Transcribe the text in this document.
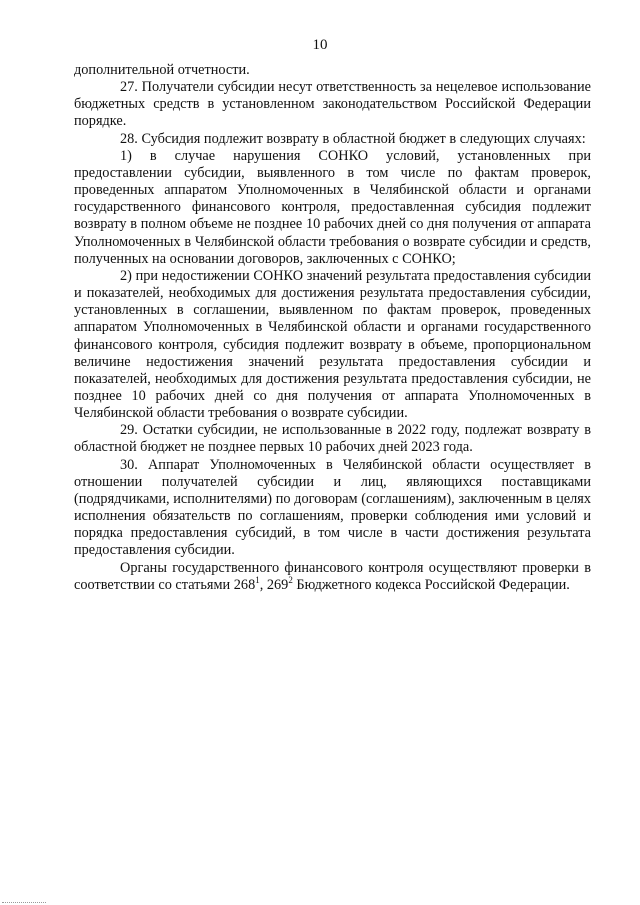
10

дополнительной отчетности.

27. Получатели субсидии несут ответственность за нецелевое использование бюджетных средств в установленном законодательством Российской Федерации порядке.

28. Субсидия подлежит возврату в областной бюджет в следующих случаях:

1) в случае нарушения СОНКО условий, установленных при предоставлении субсидии, выявленного в том числе по фактам проверок, проведенных аппаратом Уполномоченных в Челябинской области и органами государственного финансового контроля, предоставленная субсидия подлежит возврату в полном объеме не позднее 10 рабочих дней со дня получения от аппарата Уполномоченных в Челябинской области требования о возврате субсидии и средств, полученных на основании договоров, заключенных с СОНКО;

2) при недостижении СОНКО значений результата предоставления субсидии и показателей, необходимых для достижения результата предоставления субсидии, установленных в соглашении, выявленном по фактам проверок, проведенных аппаратом Уполномоченных в Челябинской области и органами государственного финансового контроля, субсидия подлежит возврату в объеме, пропорциональном величине недостижения значений результата предоставления субсидии и показателей, необходимых для достижения результата предоставления субсидии, не позднее 10 рабочих дней со дня получения от аппарата Уполномоченных в Челябинской области требования о возврате субсидии.

29. Остатки субсидии, не использованные в 2022 году, подлежат возврату в областной бюджет не позднее первых 10 рабочих дней 2023 года.

30. Аппарат Уполномоченных в Челябинской области осуществляет в отношении получателей субсидии и лиц, являющихся поставщиками (подрядчиками, исполнителями) по договорам (соглашениям), заключенным в целях исполнения обязательств по соглашениям, проверки соблюдения ими условий и порядка предоставления субсидий, в том числе в части достижения результата предоставления субсидии.

Органы государственного финансового контроля осуществляют проверки в соответствии со статьями $268^1$, $269^2$ Бюджетного кодекса Российской Федерации.
